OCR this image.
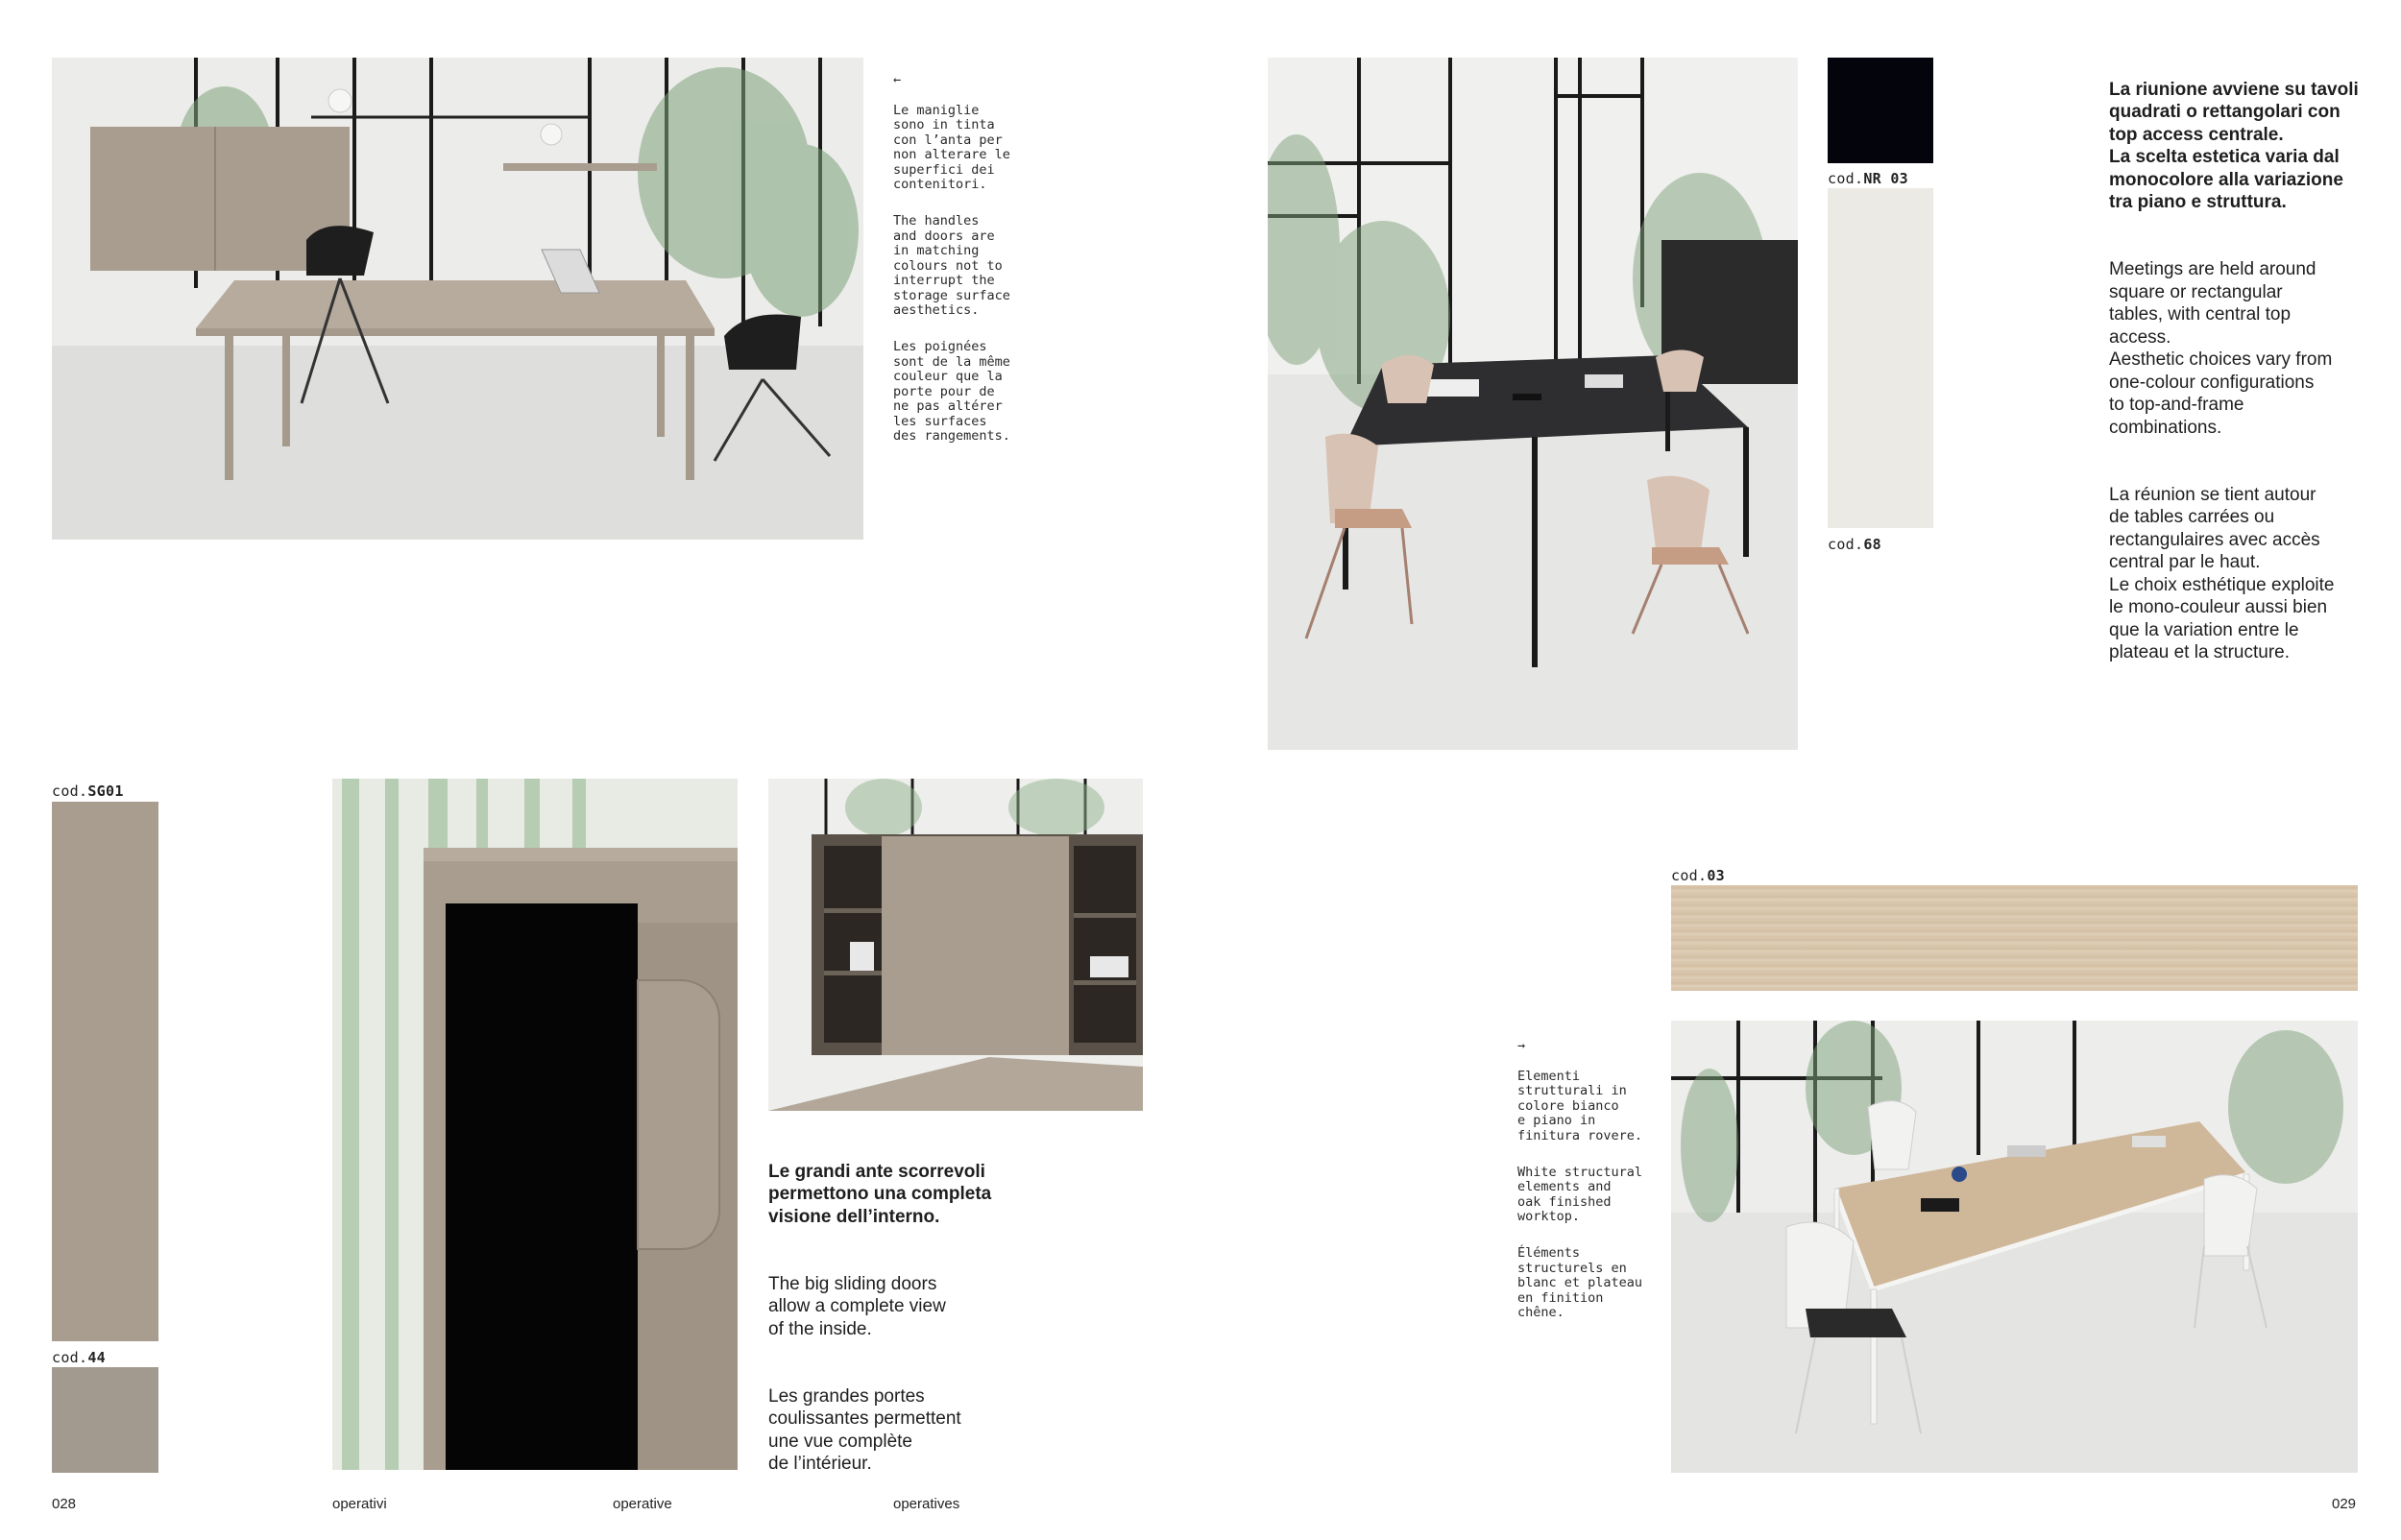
←

Le maniglie
sono in tinta
con l’anta per
non alterare le
superfici dei
contenitori.

The handles
and doors are
in matching
colours not to
interrupt the
storage surface
aesthetics.

Les poignées
sont de la même
couleur que la
porte pour de
ne pas altérer
les surfaces
des rangements.

cod.NR 03
cod.68

La riunione avviene su tavoli
quadrati o rettangolari con
top access centrale.
La scelta estetica varia dal
monocolore alla variazione
tra piano e struttura.

Meetings are held around
square or rectangular
tables, with central top
access.
Aesthetic choices vary from
one-colour configurations
to top-and-frame
combinations.

La réunion se tient autour
de tables carrées ou
rectangulaires avec accès
central par le haut.
Le choix esthétique exploite
le mono-couleur aussi bien
que la variation entre le
plateau et la structure.

cod.SG01
cod.44

Le grandi ante scorrevoli
permettono una completa
visione dell’interno.

The big sliding doors
allow a complete view
of the inside.

Les grandes portes
coulissantes permettent
une vue complète
de l’intérieur.

cod.03

→

Elementi
strutturali in
colore bianco
e piano in
finitura rovere.

White structural
elements and
oak finished
worktop.

Éléments
structurels en
blanc et plateau
en finition
chêne.

028	operativi	operative	operatives	029
